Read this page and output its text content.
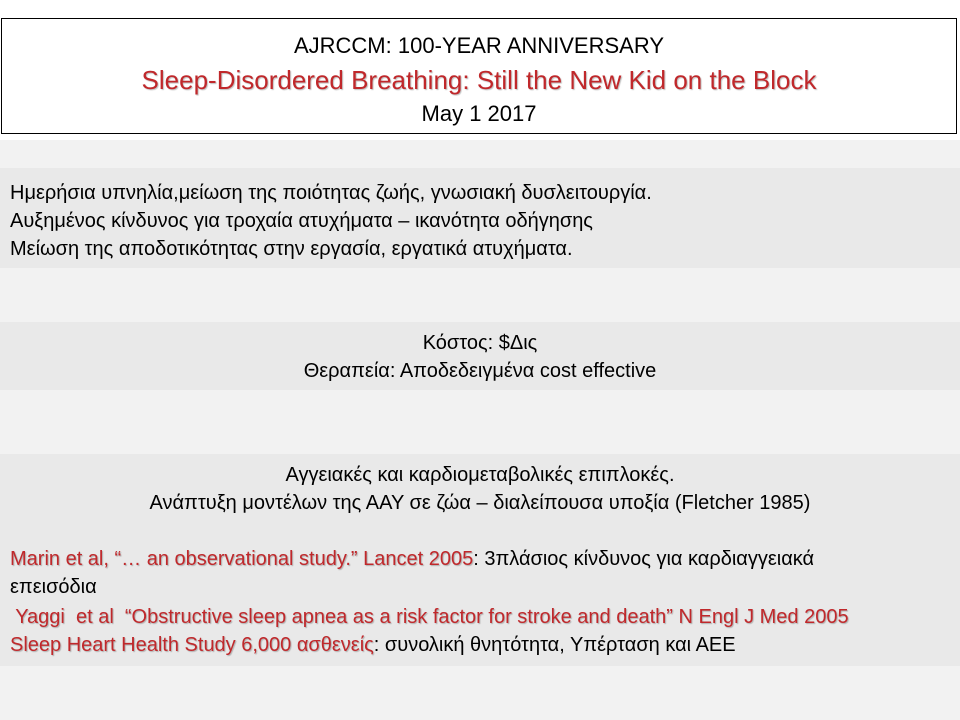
AJRCCM: 100-YEAR ANNIVERSARY
Sleep-Disordered Breathing: Still the New Kid on the Block
May 1 2017
Ημερήσια υπνηλία,μείωση της ποιότητας ζωής, γνωσιακή δυσλειτουργία.
Αυξημένος κίνδυνος για τροχαία ατυχήματα – ικανότητα οδήγησης
Μείωση της αποδοτικότητας στην εργασία, εργατικά ατυχήματα.
Κόστος: $Δις
Θεραπεία: Αποδεδειγμένα cost effective
Αγγειακές και καρδιομεταβολικές επιπλοκές.
Ανάπτυξη μοντέλων της ΑΑΥ σε ζώα – διαλείπουσα υποξία (Fletcher 1985)
Marin et al, “… an observational study.” Lancet 2005: 3πλάσιος κίνδυνος για καρδιαγγειακά
επεισόδια
Yaggi  et al  “Obstructive sleep apnea as a risk factor for stroke and death” N Engl J Med 2005
Sleep Heart Health Study 6,000 ασθενείς: συνολική θνητότητα, Υπέρταση και ΑΕΕ
